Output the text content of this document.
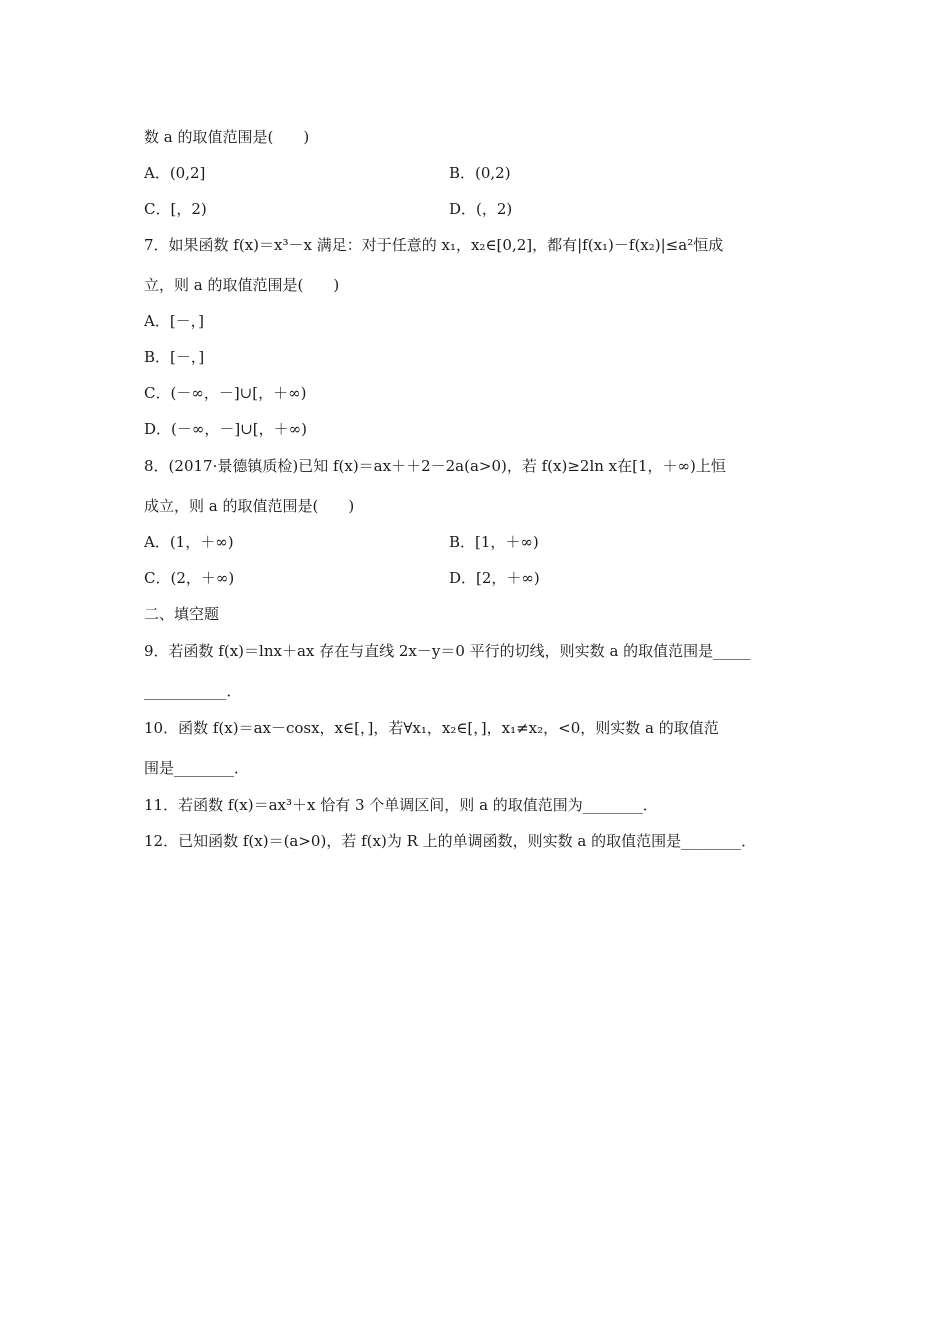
数 a 的取值范围是(　　)
A．(0,2]	B．(0,2)
C．[，2)	D．(，2)
7．如果函数 f(x)＝x³－x 满足：对于任意的 x₁，x₂∈[0,2]，都有|f(x₁)－f(x₂)|≤a²恒成
立，则 a 的取值范围是(　　)
A．[－，]
B．[－，]
C．(－∞，－]∪[，＋∞)
D．(－∞，－]∪[，＋∞)
8．(2017·景德镇质检)已知 f(x)＝ax＋＋2－2a(a>0)，若 f(x)≥2ln x在[1，＋∞)上恒
成立，则 a 的取值范围是(　　)
A．(1，＋∞)	B．[1，＋∞)
C．(2，＋∞)	D．[2，＋∞)
二、填空题
9．若函数 f(x)＝lnx＋ax 存在与直线 2x－y＝0 平行的切线，则实数 a 的取值范围是_____
___________．
10．函数 f(x)＝ax－cosx，x∈[，]，若∀x₁，x₂∈[，]，x₁≠x₂，<0，则实数 a 的取值范
围是________．
11．若函数 f(x)＝ax³＋x 恰有 3 个单调区间，则 a 的取值范围为________．
12．已知函数 f(x)＝(a>0)，若 f(x)为 R 上的单调函数，则实数 a 的取值范围是________．
